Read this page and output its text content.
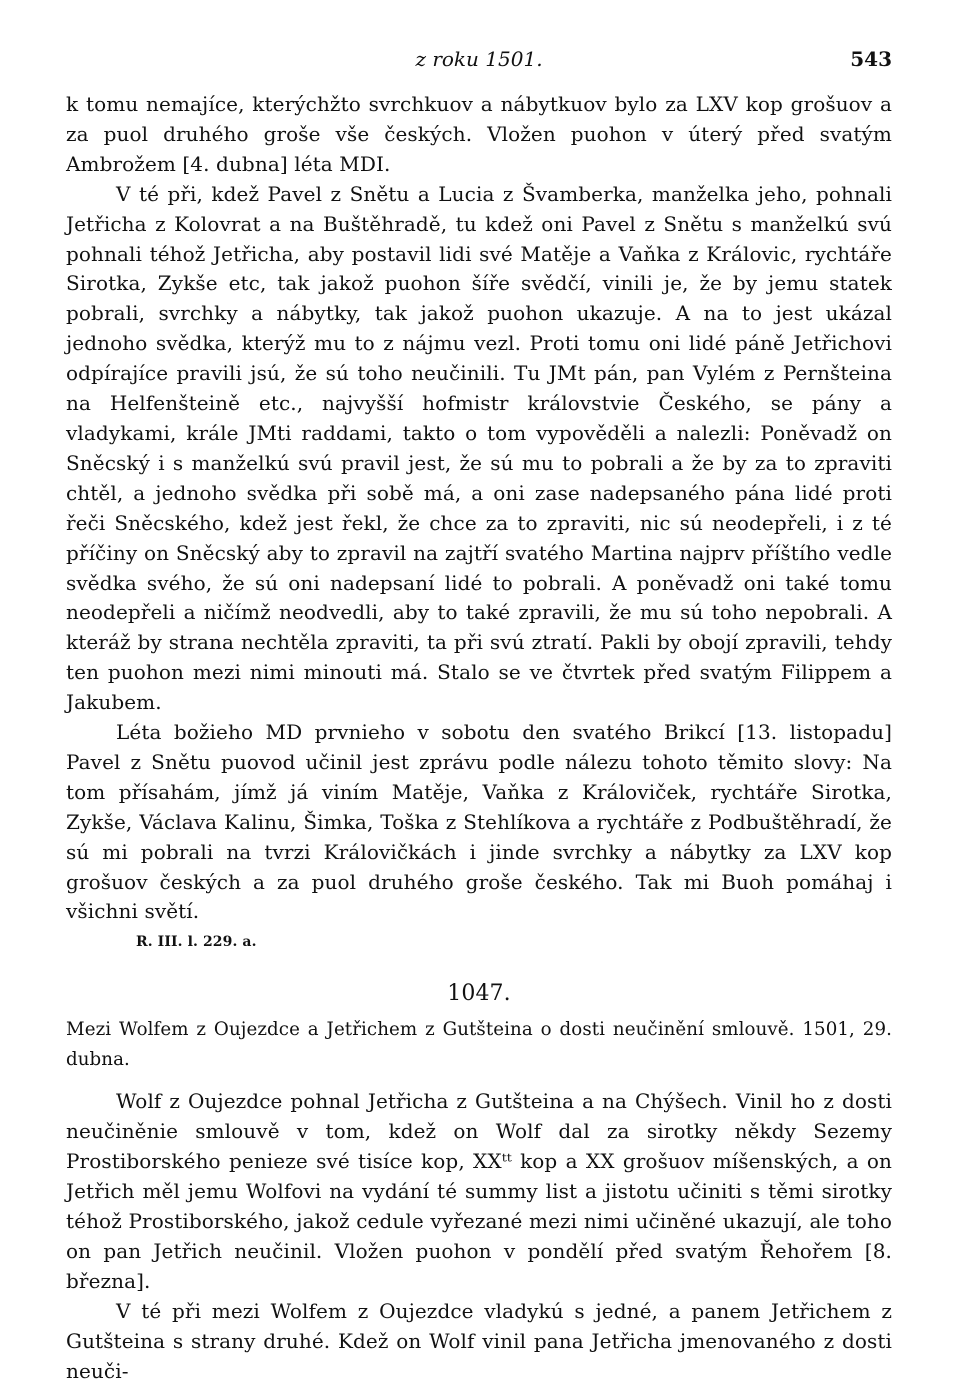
z roku 1501.	543

k tomu nemajíce, kterýchžto svrchkuov a nábytkuov bylo za LXV kop grošuov a za puol druhého groše vše českých. Vložen puohon v úterý před svatým Ambrožem [4. dubna] léta MDI.

V té při, kdež Pavel z Snětu a Lucia z Švamberka, manželka jeho, pohnali Jetřicha z Kolovrat a na Buštěhradě, tu kdež oni Pavel z Snětu s manželkú svú pohnali téhož Jetřicha, aby postavil lidi své Matěje a Vaňka z Královic, rychtáře Sirotka, Zykše etc, tak jakož puohon šíře svědčí, vinili je, že by jemu statek pobrali, svrchky a nábytky, tak jakož puohon ukazuje. A na to jest ukázal jednoho svědka, kterýž mu to z nájmu vezl. Proti tomu oni lidé páně Jetřichovi odpírajíce pravili jsú, že sú toho neučinili. Tu JMt pán, pan Vylém z Pernšteina na Helfenšteině etc., najvyšší hofmistr královstvie Českého, se pány a vladykami, krále JMti raddami, takto o tom vypověděli a nalezli: Poněvadž on Sněcský i s manželkú svú pravil jest, že sú mu to pobrali a že by za to zpraviti chtěl, a jednoho svědka při sobě má, a oni zase nadepsaného pána lidé proti řeči Sněcského, kdež jest řekl, že chce za to zpraviti, nic sú neodepřeli, i z té příčiny on Sněcský aby to zpravil na zajtří svatého Martina najprv příštího vedle svědka svého, že sú oni nadepsaní lidé to pobrali. A poněvadž oni také tomu neodepřeli a ničímž neodvedli, aby to také zpravili, že mu sú toho nepobrali. A kteráž by strana nechtěla zpraviti, ta při svú ztratí. Pakli by obojí zpravili, tehdy ten puohon mezi nimi minouti má. Stalo se ve čtvrtek před svatým Filippem a Jakubem.

Léta božieho MD prvnieho v sobotu den svatého Brikcí [13. listopadu] Pavel z Snětu puovod učinil jest zprávu podle nálezu tohoto těmito slovy: Na tom přísahám, jímž já viním Matěje, Vaňka z Královiček, rychtáře Sirotka, Zykše, Václava Kalinu, Šimka, Toška z Stehlíkova a rychtáře z Podbuštěhradí, že sú mi pobrali na tvrzi Královičkách i jinde svrchky a nábytky za LXV kop grošuov českých a za puol druhého groše českého. Tak mi Buoh pomáhaj i všichni světí.

R. III. l. 229. a.
1047.
Mezi Wolfem z Oujezdce a Jetřichem z Gutšteina o dosti neučinění smlouvě. 1501, 29. dubna.

Wolf z Oujezdce pohnal Jetřicha z Gutšteina a na Chýšech. Vinil ho z dosti neučiněnie smlouvě v tom, kdež on Wolf dal za sirotky někdy Sezemy Prostiborského penieze své tisíce kop, XXᵗᵗ kop a XX grošuov míšenských, a on Jetřich měl jemu Wolfovi na vydání té summy list a jistotu učiniti s těmi sirotky téhož Prostiborského, jakož cedule vyřezané mezi nimi učiněné ukazují, ale toho on pan Jetřich neučinil. Vložen puohon v pondělí před svatým Řehořem [8. března].

V té při mezi Wolfem z Oujezdce vladykú s jedné, a panem Jetřichem z Gutšteina s strany druhé. Kdež on Wolf vinil pana Jetřicha jmenovaného z dosti neuči-
